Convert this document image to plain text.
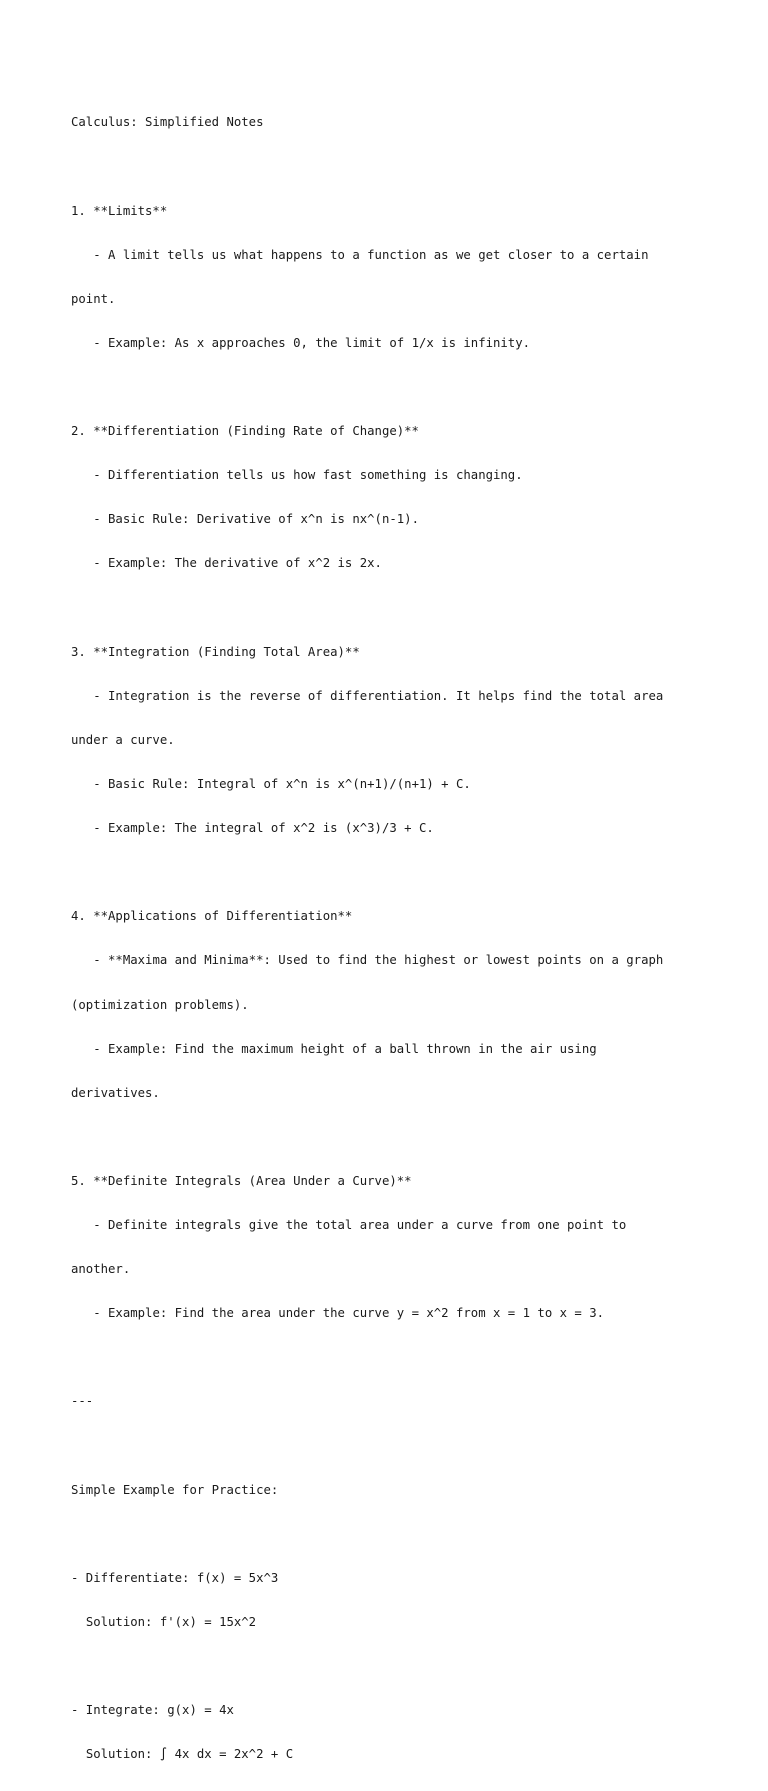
Calculus: Simplified Notes

1. **Limits**

- A limit tells us what happens to a function as we get closer to a certain

point.

- Example: As x approaches 0, the limit of 1/x is infinity.

2. **Differentiation (Finding Rate of Change)**

- Differentiation tells us how fast something is changing.

- Basic Rule: Derivative of x^n is nx^(n-1).

- Example: The derivative of x^2 is 2x.

3. **Integration (Finding Total Area)**

- Integration is the reverse of differentiation. It helps find the total area

under a curve.

- Basic Rule: Integral of x^n is x^(n+1)/(n+1) + C.

- Example: The integral of x^2 is (x^3)/3 + C.

4. **Applications of Differentiation**

- **Maxima and Minima**: Used to find the highest or lowest points on a graph

(optimization problems).

- Example: Find the maximum height of a ball thrown in the air using

derivatives.

5. **Definite Integrals (Area Under a Curve)**

- Definite integrals give the total area under a curve from one point to

another.

- Example: Find the area under the curve y = x^2 from x = 1 to x = 3.

---

Simple Example for Practice:

- Differentiate: f(x) = 5x^3

Solution: f'(x) = 15x^2

- Integrate: g(x) = 4x

Solution: ∫ 4x dx = 2x^2 + C
